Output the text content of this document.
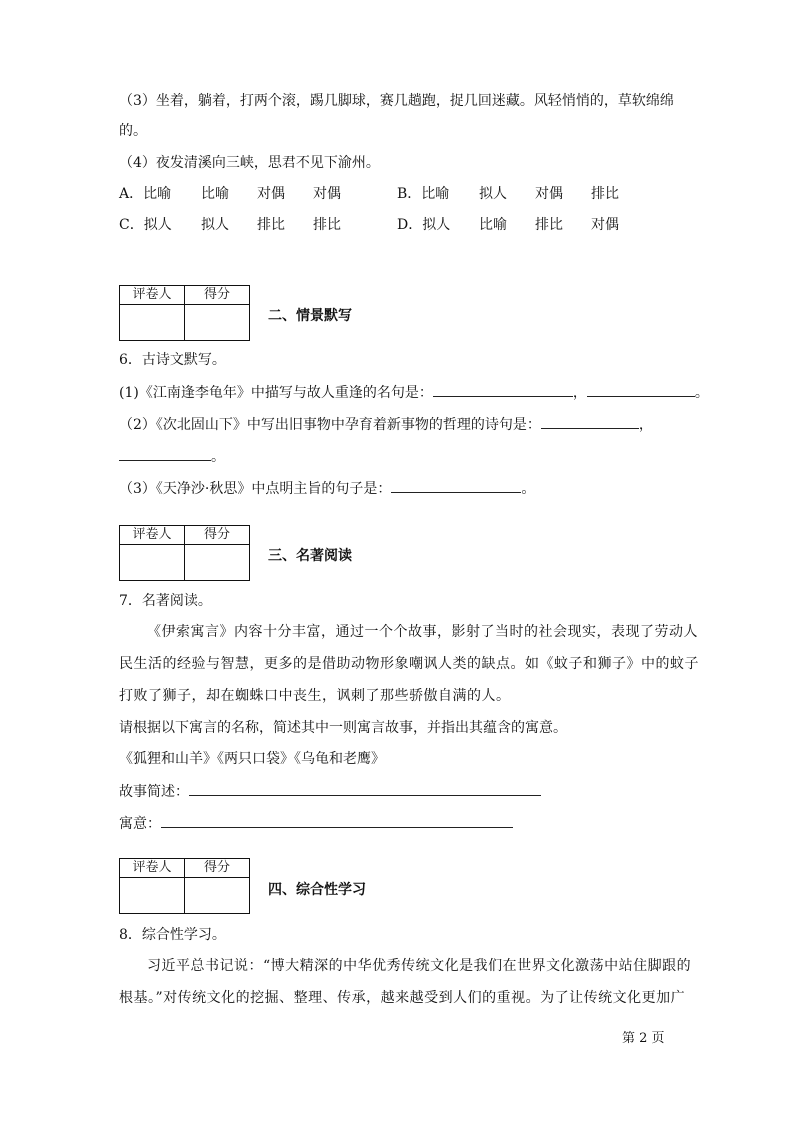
（3）坐着，躺着，打两个滚，踢几脚球，赛几趟跑，捉几回迷藏。风轻悄悄的，草软绵绵
的。
（4）夜发清溪向三峡，思君不见下渝州。
A．比喻 比喻 对偶 对偶	B．比喻 拟人 对偶 排比
C．拟人 拟人 排比 排比	D．拟人 比喻 排比 对偶
评卷人	得分
二、情景默写
6．古诗文默写。
(1)《江南逢李龟年》中描写与故人重逢的名句是：	，	。
（2）《次北固山下》中写出旧事物中孕育着新事物的哲理的诗句是：	，
。
（3）《天净沙·秋思》中点明主旨的句子是：	。
评卷人	得分
三、名著阅读
7．名著阅读。
《伊索寓言》内容十分丰富，通过一个个故事，影射了当时的社会现实，表现了劳动人
民生活的经验与智慧，更多的是借助动物形象嘲讽人类的缺点。如《蚊子和狮子》中的蚊子
打败了狮子，却在蜘蛛口中丧生，讽刺了那些骄傲自满的人。
请根据以下寓言的名称，简述其中一则寓言故事，并指出其蕴含的寓意。
《狐狸和山羊》《两只口袋》《乌龟和老鹰》
故事简述：
寓意：
评卷人	得分
四、综合性学习
8．综合性学习。
习近平总书记说：“博大精深的中华优秀传统文化是我们在世界文化激荡中站住脚跟的
根基。”对传统文化的挖掘、整理、传承，越来越受到人们的重视。为了让传统文化更加广
第 2 页
